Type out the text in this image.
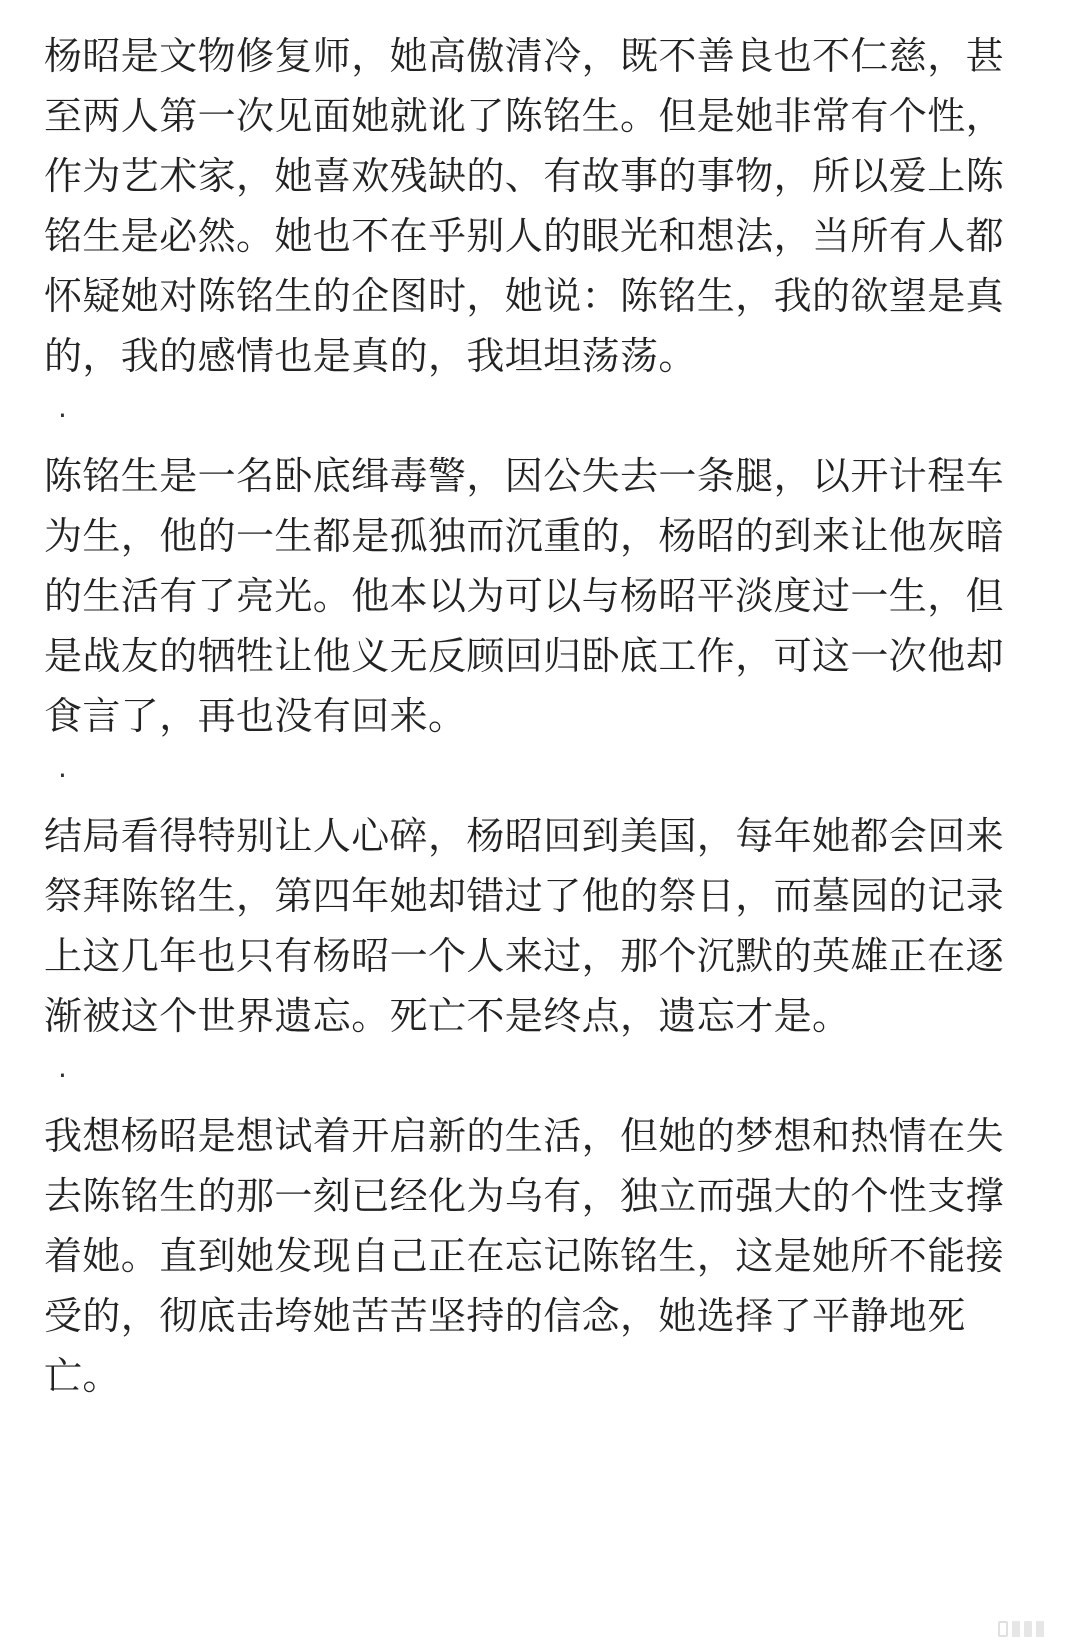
杨昭是文物修复师，她高傲清冷，既不善良也不仁慈，甚至两人第一次见面她就讹了陈铭生。但是她非常有个性，作为艺术家，她喜欢残缺的、有故事的事物，所以爱上陈铭生是必然。她也不在乎别人的眼光和想法，当所有人都怀疑她对陈铭生的企图时，她说：陈铭生，我的欲望是真的，我的感情也是真的，我坦坦荡荡。

·

陈铭生是一名卧底缉毒警，因公失去一条腿，以开计程车为生，他的一生都是孤独而沉重的，杨昭的到来让他灰暗的生活有了亮光。他本以为可以与杨昭平淡度过一生，但是战友的牺牲让他义无反顾回归卧底工作，可这一次他却食言了，再也没有回来。

·

结局看得特别让人心碎，杨昭回到美国，每年她都会回来祭拜陈铭生，第四年她却错过了他的祭日，而墓园的记录上这几年也只有杨昭一个人来过，那个沉默的英雄正在逐渐被这个世界遗忘。死亡不是终点，遗忘才是。

·

我想杨昭是想试着开启新的生活，但她的梦想和热情在失去陈铭生的那一刻已经化为乌有，独立而强大的个性支撑着她。直到她发现自己正在忘记陈铭生，这是她所不能接受的，彻底击垮她苦苦坚持的信念，她选择了平静地死亡。
